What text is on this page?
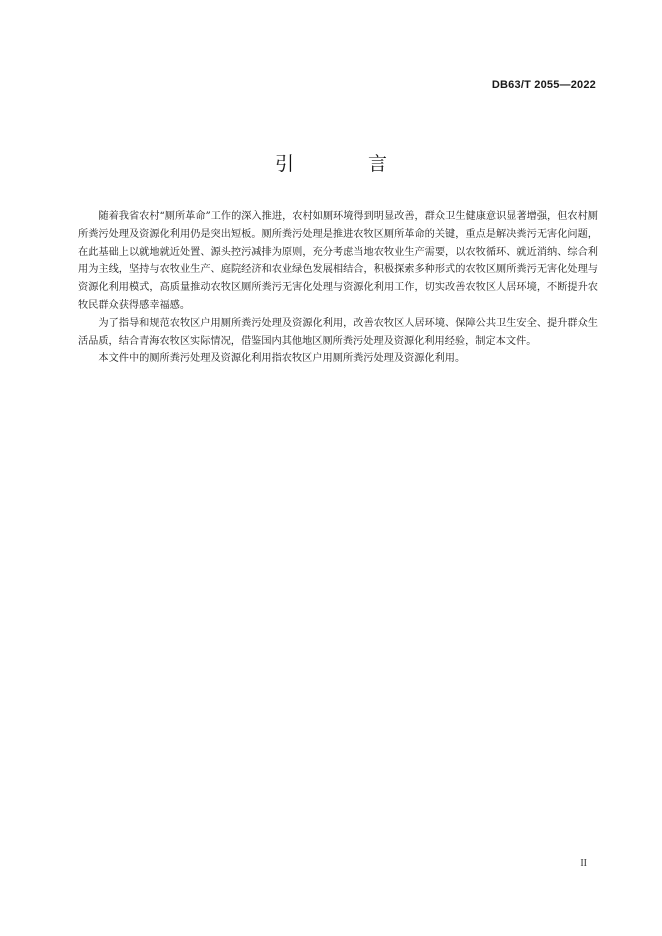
DB63/T 2055—2022
引 言

随着我省农村“厕所革命”工作的深入推进，农村如厕环境得到明显改善，群众卫生健康意识显著增强，但农村厕所粪污处理及资源化利用仍是突出短板。厕所粪污处理是推进农牧区厕所革命的关键，重点是解决粪污无害化问题，在此基础上以就地就近处置、源头控污减排为原则，充分考虑当地农牧业生产需要，以农牧循环、就近消纳、综合利用为主线，坚持与农牧业生产、庭院经济和农业绿色发展相结合，积极探索多种形式的农牧区厕所粪污无害化处理与资源化利用模式，高质量推动农牧区厕所粪污无害化处理与资源化利用工作，切实改善农牧区人居环境，不断提升农牧民群众获得感幸福感。

为了指导和规范农牧区户用厕所粪污处理及资源化利用，改善农牧区人居环境、保障公共卫生安全、提升群众生活品质，结合青海农牧区实际情况，借鉴国内其他地区厕所粪污处理及资源化利用经验，制定本文件。

本文件中的厕所粪污处理及资源化利用指农牧区户用厕所粪污处理及资源化利用。

II
